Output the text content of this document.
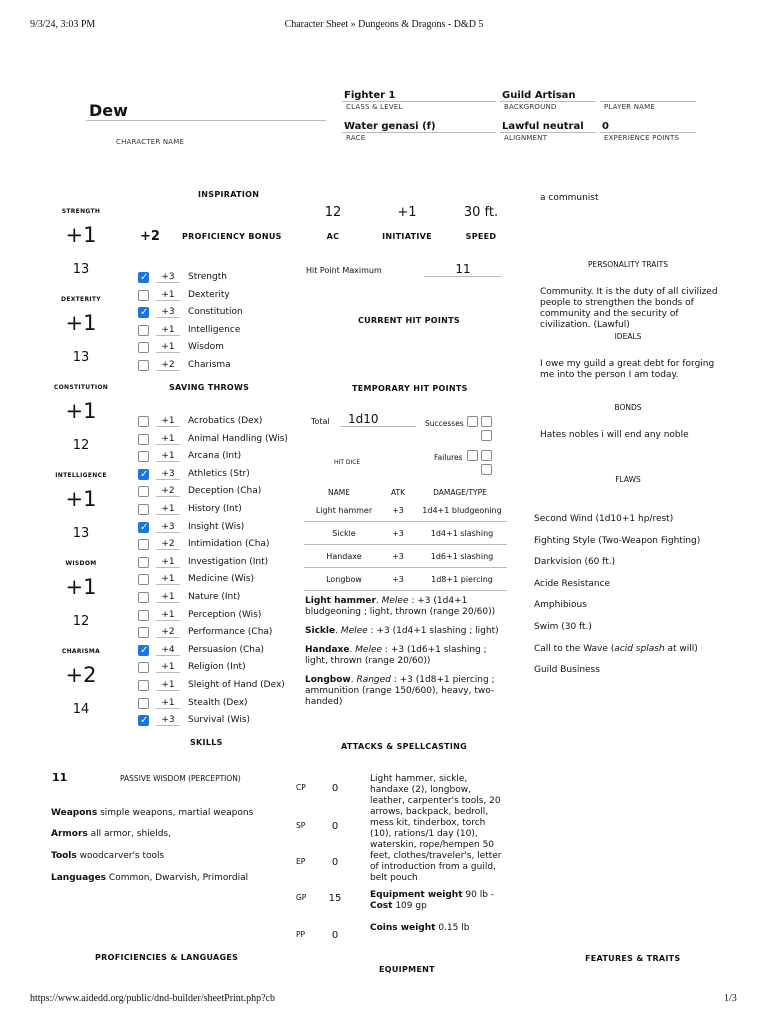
9/3/24, 3:03 PM	Character Sheet » Dungeons & Dragons - D&D 5
https://www.aidedd.org/public/dnd-builder/sheetPrint.php?cb	1/3
Dew
CHARACTER NAME
Fighter 1
CLASS & LEVEL
Guild Artisan
BACKGROUND	PLAYER NAME
Water genasi (f)
RACE
Lawful neutral
ALIGNMENT
0
EXPERIENCE POINTS
STRENGTH
+1
13
DEXTERITY
+1
13
CONSTITUTION
+1
12
INTELLIGENCE
+1
13
WISDOM
+1
12
CHARISMA
+2
14
INSPIRATION
+2	PROFICIENCY BONUS
✓
+3	Strength
+1	Dexterity
✓
+3	Constitution
+1	Intelligence
+1	Wisdom
+2	Charisma
SAVING THROWS
+1	Acrobatics (Dex)
+1	Animal Handling (Wis)
+1	Arcana (Int)
✓
+3	Athletics (Str)
+2	Deception (Cha)
+1	History (Int)
✓
+3	Insight (Wis)
+2	Intimidation (Cha)
+1	Investigation (Int)
+1	Medicine (Wis)
+1	Nature (Int)
+1	Perception (Wis)
+2	Performance (Cha)
✓
+4	Persuasion (Cha)
+1	Religion (Int)
+1	Sleight of Hand (Dex)
+1	Stealth (Dex)
✓
+3	Survival (Wis)
SKILLS
11	PASSIVE WISDOM (PERCEPTION)
Weapons simple weapons, martial weapons
Armors all armor, shields,
Tools woodcarver's tools
Languages Common, Dwarvish, Primordial
PROFICIENCIES & LANGUAGES
12
AC
+1
INITIATIVE
30 ft.
SPEED
Hit Point Maximum	11
CURRENT HIT POINTS
TEMPORARY HIT POINTS
Total	1d10
HIT DICE
Successes
Failures
NAME	ATK	DAMAGE/TYPE
Light hammer	+3	1d4+1 bludgeoning
Sickle	+3	1d4+1 slashing
Handaxe	+3	1d6+1 slashing
Longbow	+3	1d8+1 piercing
Light hammer. Melee : +3 (1d4+1 bludgeoning ; light, thrown (range 20/60))
Sickle. Melee : +3 (1d4+1 slashing ; light)
Handaxe. Melee : +3 (1d6+1 slashing ; light, thrown (range 20/60))
Longbow. Ranged : +3 (1d8+1 piercing ; ammunition (range 150/600), heavy, two-handed)
ATTACKS & SPELLCASTING
CP	0
SP	0
EP	0
GP	15
PP	0
Light hammer, sickle, handaxe (2), longbow, leather, carpenter's tools, 20 arrows, backpack, bedroll, mess kit, tinderbox, torch (10), rations/1 day (10), waterskin, rope/hempen 50 feet, clothes/traveler's, letter of introduction from a guild, belt pouch
Equipment weight 90 lb -
Cost 109 gp
Coins weight 0.15 lb
EQUIPMENT
a communist
PERSONALITY TRAITS
Community. It is the duty of all civilized people to strengthen the bonds of community and the security of civilization. (Lawful)
IDEALS
I owe my guild a great debt for forging me into the person I am today.
BONDS
Hates nobles i will end any noble
FLAWS
Second Wind (1d10+1 hp/rest)
Fighting Style (Two-Weapon Fighting)
Darkvision (60 ft.)
Acide Resistance
Amphibious
Swim (30 ft.)
Call to the Wave (acid splash at will)
Guild Business
FEATURES & TRAITS
